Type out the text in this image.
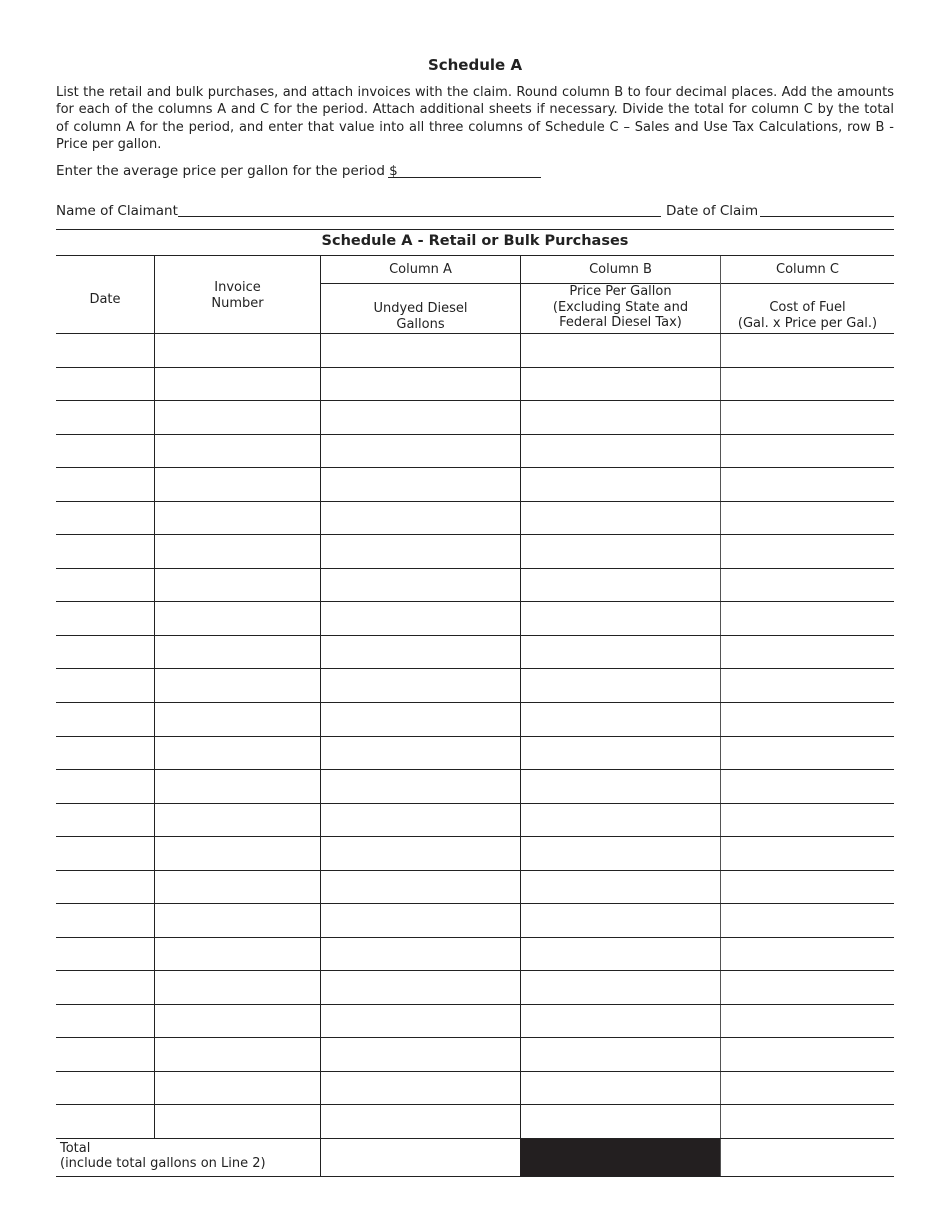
Schedule A

List the retail and bulk purchases, and attach invoices with the claim. Round column B to four decimal places. Add the amounts for each of the columns A and C for the period. Attach additional sheets if necessary. Divide the total for column C by the total of column A for the period, and enter that value into all three columns of Schedule C – Sales and Use Tax Calculations, row B - Price per gallon.

Enter the average price per gallon for the period $
Name of Claimant	Date of Claim
Schedule A - Retail or Bulk Purchases
Date
Invoice
Number
Column A
Undyed Diesel
Gallons
Column B
Price Per Gallon
(Excluding State and
Federal Diesel Tax)
Column C
Cost of Fuel
(Gal. x Price per Gal.)
Total
(include total gallons on Line 2)
